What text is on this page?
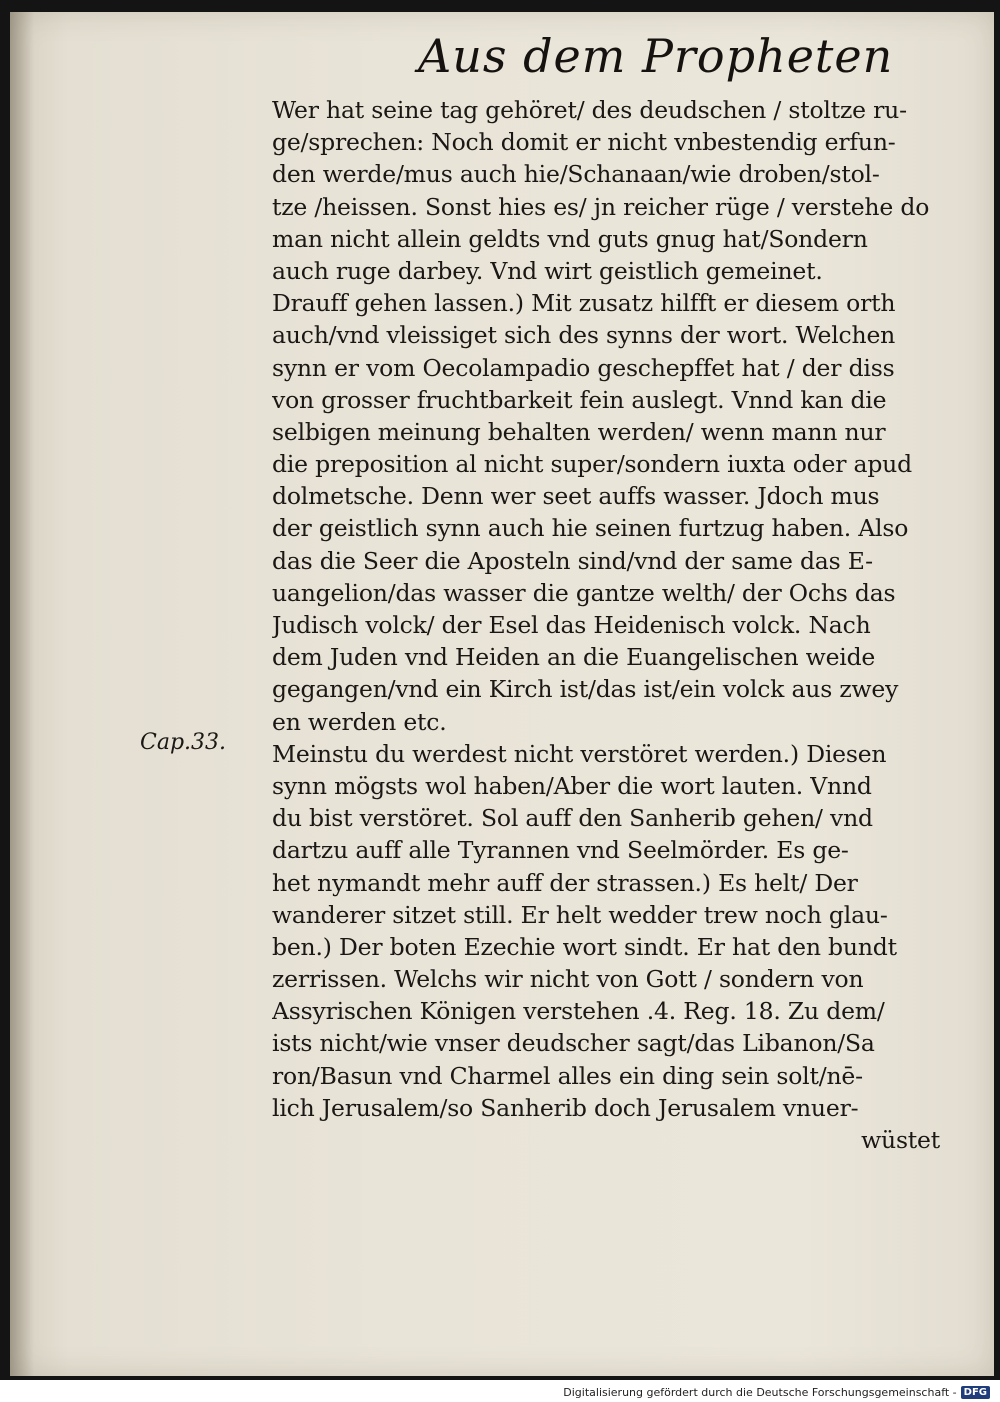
Aus dem Propheten
Cap.33.
Wer hat seine tag gehöret/ des deudschen / stoltze ru-
ge/sprechen: Noch domit er nicht vnbestendig erfun-
den werde/mus auch hie/Schanaan/wie droben/stol-
tze /heissen. Sonst hies es/ jn reicher rüge / verstehe do
man nicht allein geldts vnd guts gnug hat/Sondern
auch ruge darbey. Vnd wirt geistlich gemeinet.
Drauff gehen lassen.) Mit zusatz hilfft er diesem orth
auch/vnd vleissiget sich des synns der wort. Welchen
synn er vom Oecolampadio geschepffet hat / der diss
von grosser fruchtbarkeit fein auslegt. Vnnd kan die
selbigen meinung behalten werden/ wenn mann nur
die preposition al nicht super/sondern iuxta oder apud
dolmetsche. Denn wer seet auffs wasser. Jdoch mus
der geistlich synn auch hie seinen furtzug haben. Also
das die Seer die Aposteln sind/vnd der same das E-
uangelion/das wasser die gantze welth/ der Ochs das
Judisch volck/ der Esel das Heidenisch volck. Nach
dem Juden vnd Heiden an die Euangelischen weide
gegangen/vnd ein Kirch ist/das ist/ein volck aus zwey
en werden etc.
Meinstu du werdest nicht verstöret werden.) Diesen
synn mögsts wol haben/Aber die wort lauten. Vnnd
du bist verstöret. Sol auff den Sanherib gehen/ vnd
dartzu auff alle Tyrannen vnd Seelmörder. Es ge-
het nymandt mehr auff der strassen.) Es helt/ Der
wanderer sitzet still. Er helt wedder trew noch glau-
ben.) Der boten Ezechie wort sindt. Er hat den bundt
zerrissen. Welchs wir nicht von Gott / sondern von
Assyrischen Königen verstehen .4. Reg. 18. Zu dem/
ists nicht/wie vnser deudscher sagt/das Libanon/Sa
ron/Basun vnd Charmel alles ein ding sein solt/nē-
lich Jerusalem/so Sanherib doch Jerusalem vnuer-
wüstet
Digitalisierung gefördert durch die Deutsche Forschungsgemeinschaft - DFG
